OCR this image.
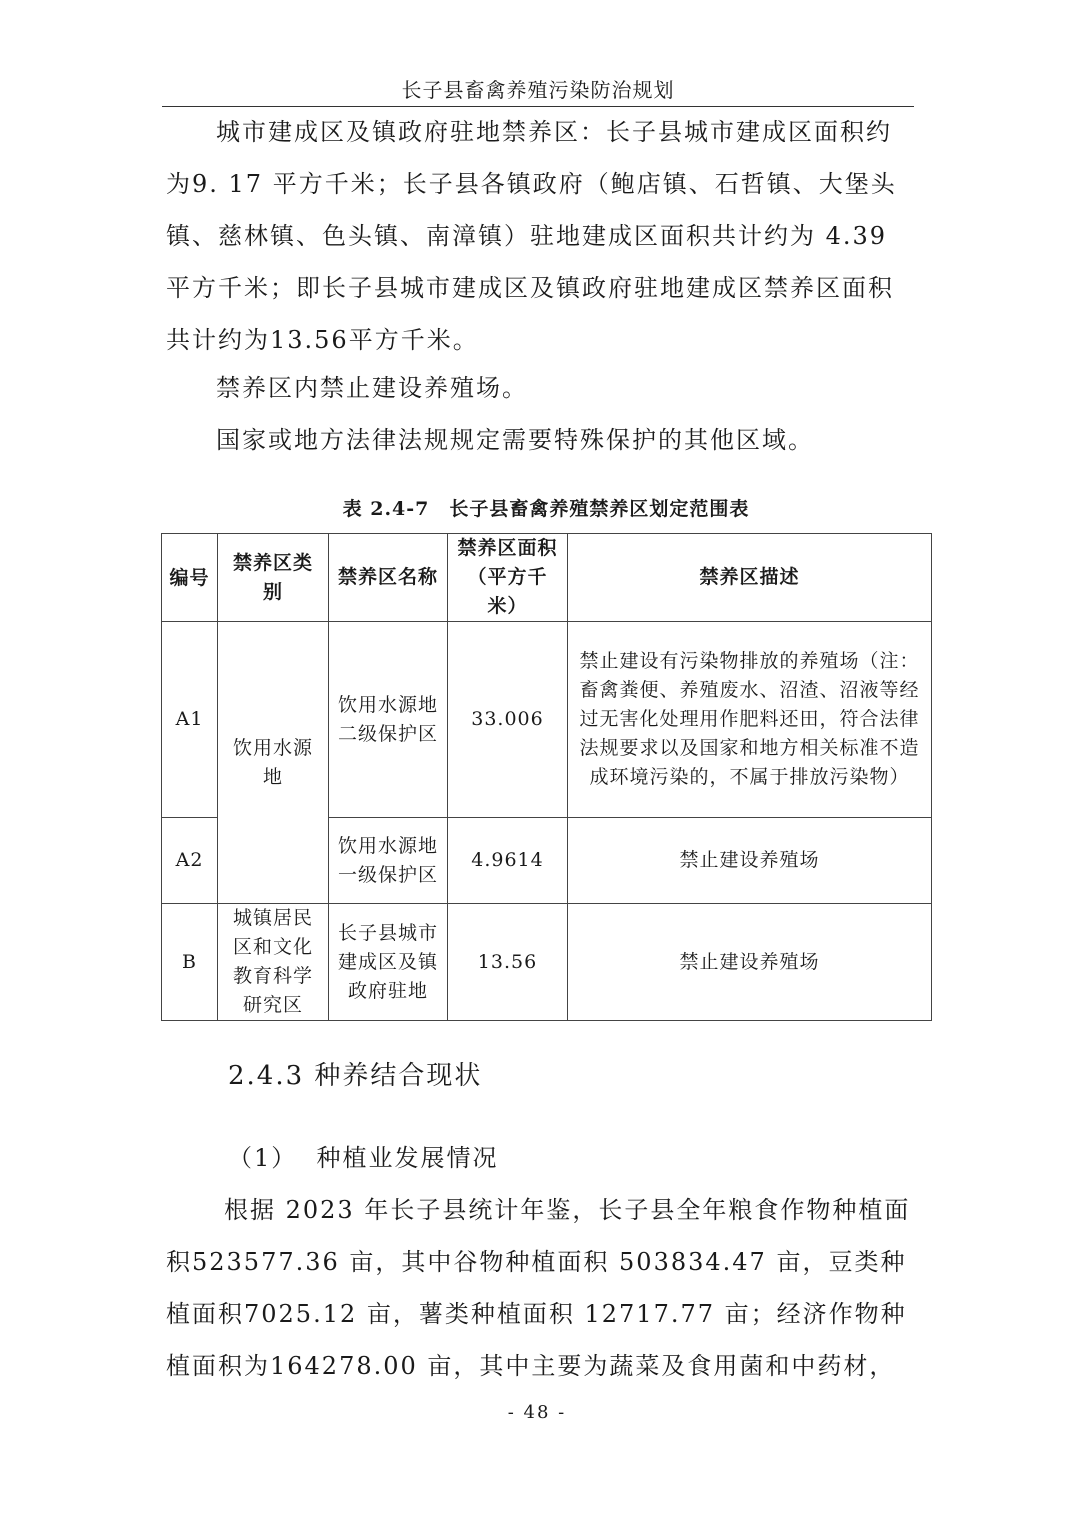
长子县畜禽养殖污染防治规划

城市建成区及镇政府驻地禁养区：长子县城市建成区面积约为9. 17 平方千米；长子县各镇政府（鲍店镇、石哲镇、大堡头镇、慈林镇、色头镇、南漳镇）驻地建成区面积共计约为 4.39 平方千米；即长子县城市建成区及镇政府驻地建成区禁养区面积共计约为13.56平方千米。

禁养区内禁止建设养殖场。
国家或地方法律法规规定需要特殊保护的其他区域。
表 2.4-7　长子县畜禽养殖禁养区划定范围表
编号	禁养区类别	禁养区名称	禁养区面积（平方千米）	禁养区描述
A1	饮用水源地	饮用水源地二级保护区	33.006	禁止建设有污染物排放的养殖场（注：畜禽粪便、养殖废水、沼渣、沼液等经过无害化处理用作肥料还田，符合法律法规要求以及国家和地方相关标准不造成环境污染的，不属于排放污染物）
A2		饮用水源地一级保护区	4.9614	禁止建设养殖场
B	城镇居民区和文化教育科学研究区	长子县城市建成区及镇政府驻地	13.56	禁止建设养殖场
2.4.3 种养结合现状
（1）  种植业发展情况

根据 2023 年长子县统计年鉴，长子县全年粮食作物种植面积523577.36 亩，其中谷物种植面积 503834.47 亩，豆类种植面积7025.12 亩，薯类种植面积 12717.77 亩；经济作物种植面积为164278.00 亩，其中主要为蔬菜及食用菌和中药材，

- 48 -
